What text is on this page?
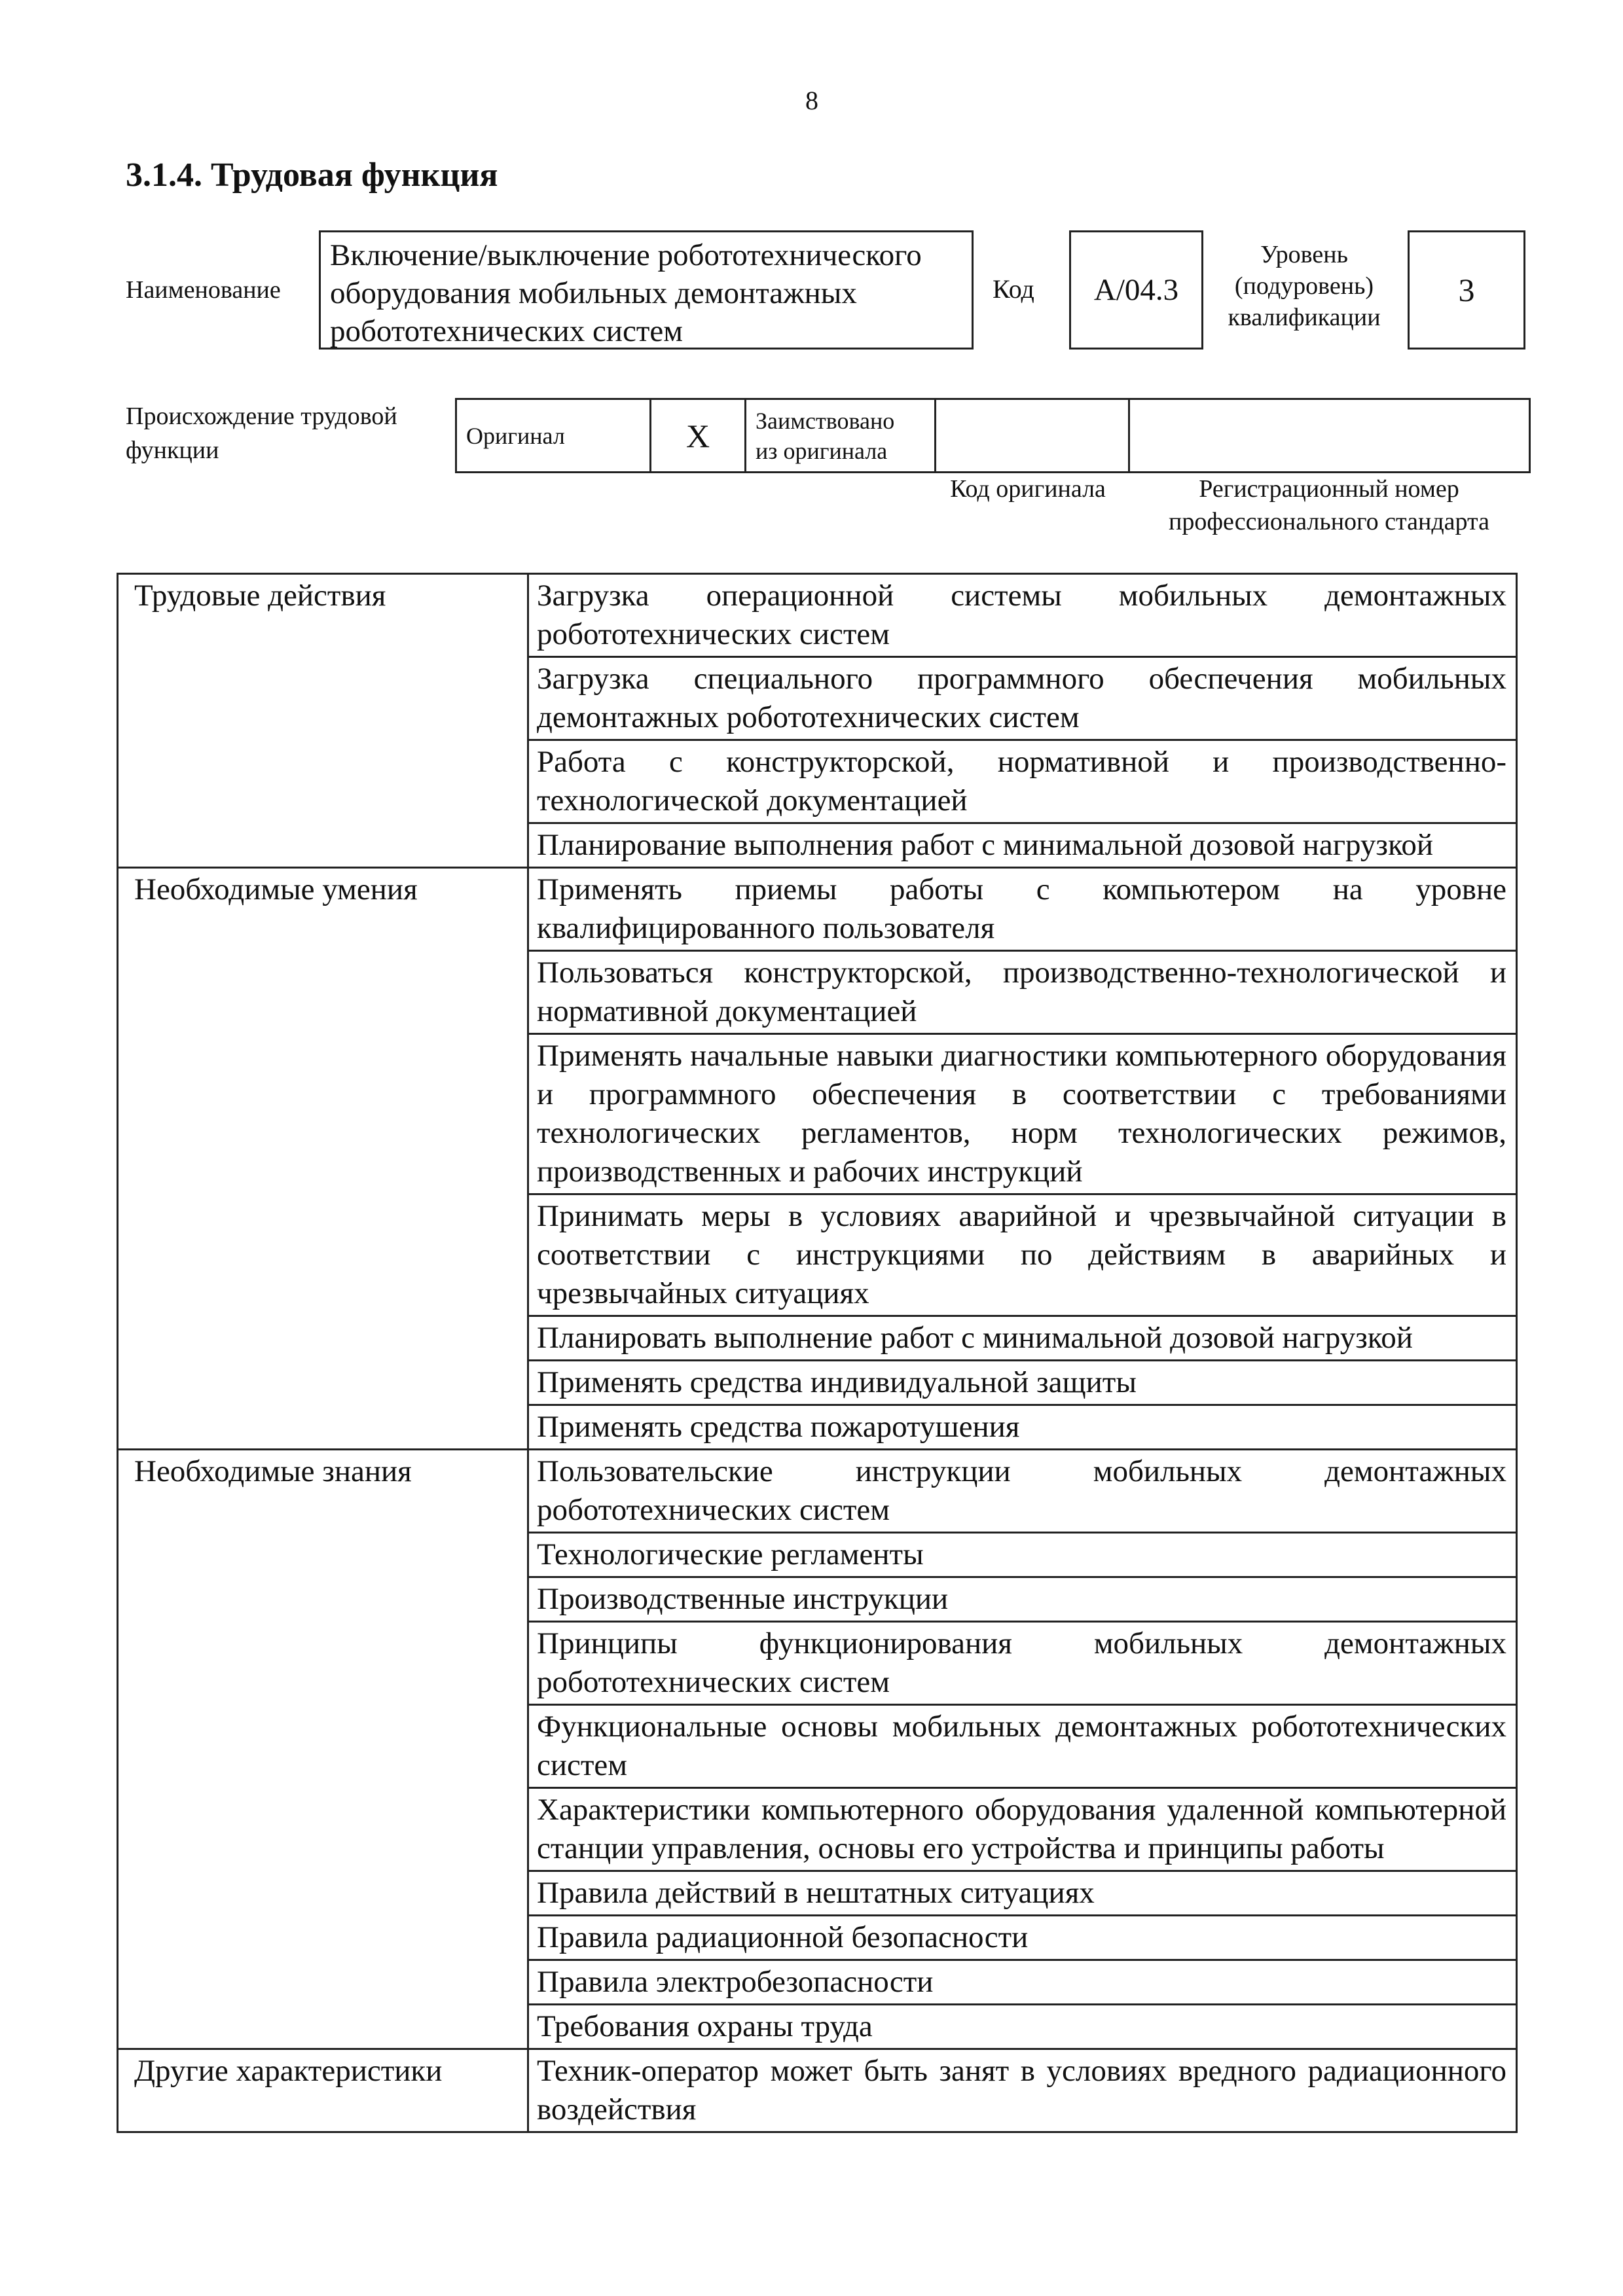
8
3.1.4. Трудовая функция
Наименование
Включение/выключение робототехнического оборудования мобильных демонтажных робототехнических систем
Код	A/04.3
Уровень
(подуровень)
квалификации
3
Происхождение трудовой
функции
Оригинал	X	Заимствовано
из оригинала

Код оригинала	Регистрационный номер
профессионального стандарта
Трудовые действия	Загрузка операционной системы мобильных демонтажных робототехнических систем
	Загрузка специального программного обеспечения мобильных демонтажных робототехнических систем
	Работа с конструкторской, нормативной и производственно-технологической документацией
	Планирование выполнения работ с минимальной дозовой нагрузкой
Необходимые умения	Применять приемы работы с компьютером на уровне квалифицированного пользователя
	Пользоваться конструкторской, производственно-технологической и нормативной документацией
	Применять начальные навыки диагностики компьютерного оборудования и программного обеспечения в соответствии с требованиями технологических регламентов, норм технологических режимов, производственных и рабочих инструкций
	Принимать меры в условиях аварийной и чрезвычайной ситуации в соответствии с инструкциями по действиям в аварийных и чрезвычайных ситуациях
	Планировать выполнение работ с минимальной дозовой нагрузкой
	Применять средства индивидуальной защиты
	Применять средства пожаротушения
Необходимые знания	Пользовательские инструкции мобильных демонтажных робототехнических систем
	Технологические регламенты
	Производственные инструкции
	Принципы функционирования мобильных демонтажных робототехнических систем
	Функциональные основы мобильных демонтажных робототехнических систем
	Характеристики компьютерного оборудования удаленной компьютерной станции управления, основы его устройства и принципы работы
	Правила действий в нештатных ситуациях
	Правила радиационной безопасности
	Правила электробезопасности
	Требования охраны труда
Другие характеристики	Техник-оператор может быть занят в условиях вредного радиационного воздействия
